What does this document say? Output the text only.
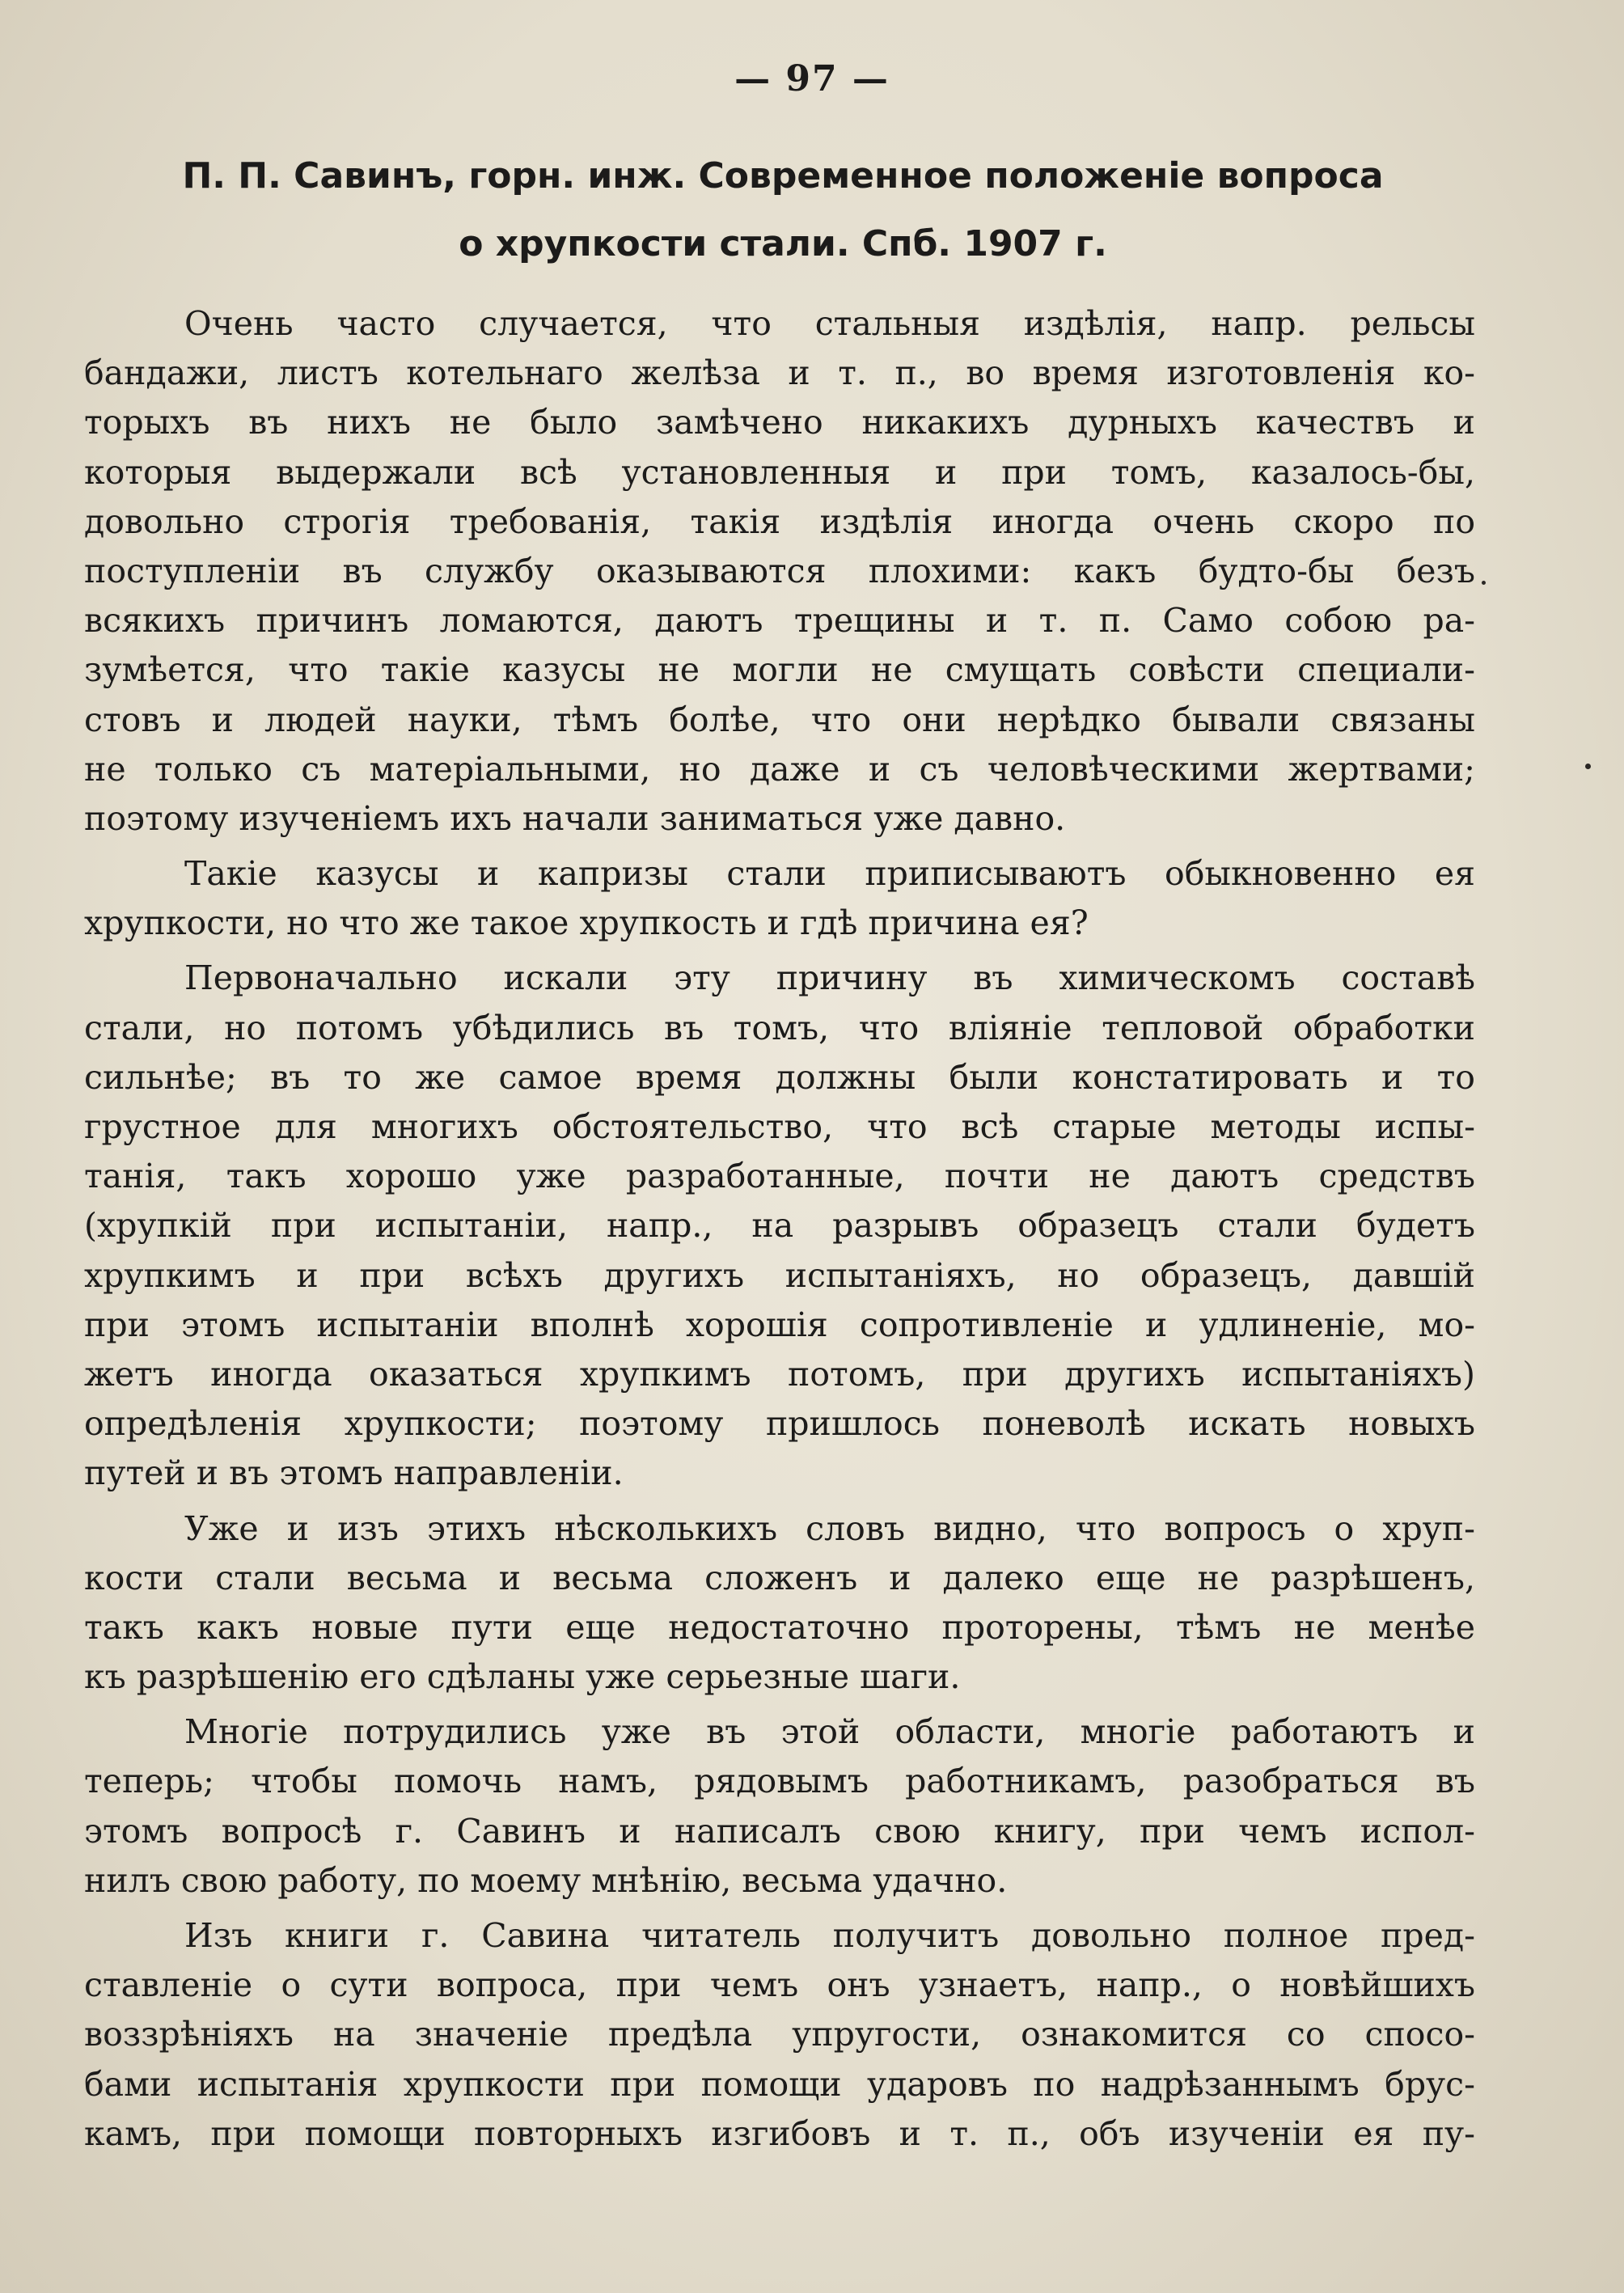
— 97 —
П. П. Савинъ, горн. инж. Современное положеніе вопроса
о хрупкости стали. Спб. 1907 г.
Очень часто случается, что стальныя издѣлія, напр. рельсы
бандажи, листъ котельнаго желѣза и т. п., во время изготовленія ко-
торыхъ въ нихъ не было замѣчено никакихъ дурныхъ качествъ и
которыя выдержали всѣ установленныя и при томъ, казалось-бы,
довольно строгія требованія, такія издѣлія иногда очень скоро по
поступленіи въ службу оказываются плохими: какъ будто-бы безъ
всякихъ причинъ ломаются, даютъ трещины и т. п. Само собою ра-
зумѣется, что такіе казусы не могли не смущать совѣсти специали-
стовъ и людей науки, тѣмъ болѣе, что они нерѣдко бывали связаны
не только съ матеріальными, но даже и съ человѣческими жертвами;
поэтому изученіемъ ихъ начали заниматься уже давно.
Такіе казусы и капризы стали приписываютъ обыкновенно ея
хрупкости, но что же такое хрупкость и гдѣ причина ея?
Первоначально искали эту причину въ химическомъ составѣ
стали, но потомъ убѣдились въ томъ, что вліяніе тепловой обработки
сильнѣе; въ то же самое время должны были констатировать и то
грустное для многихъ обстоятельство, что всѣ старые методы испы-
танія, такъ хорошо уже разработанные, почти не даютъ средствъ
(хрупкій при испытаніи, напр., на разрывъ образецъ стали будетъ
хрупкимъ и при всѣхъ другихъ испытаніяхъ, но образецъ, давшій
при этомъ испытаніи вполнѣ хорошія сопротивленіе и удлиненіе, мо-
жетъ иногда оказаться хрупкимъ потомъ, при другихъ испытаніяхъ)
опредѣленія хрупкости; поэтому пришлось поневолѣ искать новыхъ
путей и въ этомъ направленіи.
Уже и изъ этихъ нѣсколькихъ словъ видно, что вопросъ о хруп-
кости стали весьма и весьма сложенъ и далеко еще не разрѣшенъ,
такъ какъ новые пути еще недостаточно проторены, тѣмъ не менѣе
къ разрѣшенію его сдѣланы уже серьезные шаги.
Многіе потрудились уже въ этой области, многіе работаютъ и
теперь; чтобы помочь намъ, рядовымъ работникамъ, разобраться въ
этомъ вопросѣ г. Савинъ и написалъ свою книгу, при чемъ испол-
нилъ свою работу, по моему мнѣнію, весьма удачно.
Изъ книги г. Савина читатель получитъ довольно полное пред-
ставленіе о сути вопроса, при чемъ онъ узнаетъ, напр., о новѣйшихъ
воззрѣніяхъ на значеніе предѣла упругости, ознакомится со спосо-
бами испытанія хрупкости при помощи ударовъ по надрѣзаннымъ брус-
камъ, при помощи повторныхъ изгибовъ и т. п., объ изученіи ея пу-
